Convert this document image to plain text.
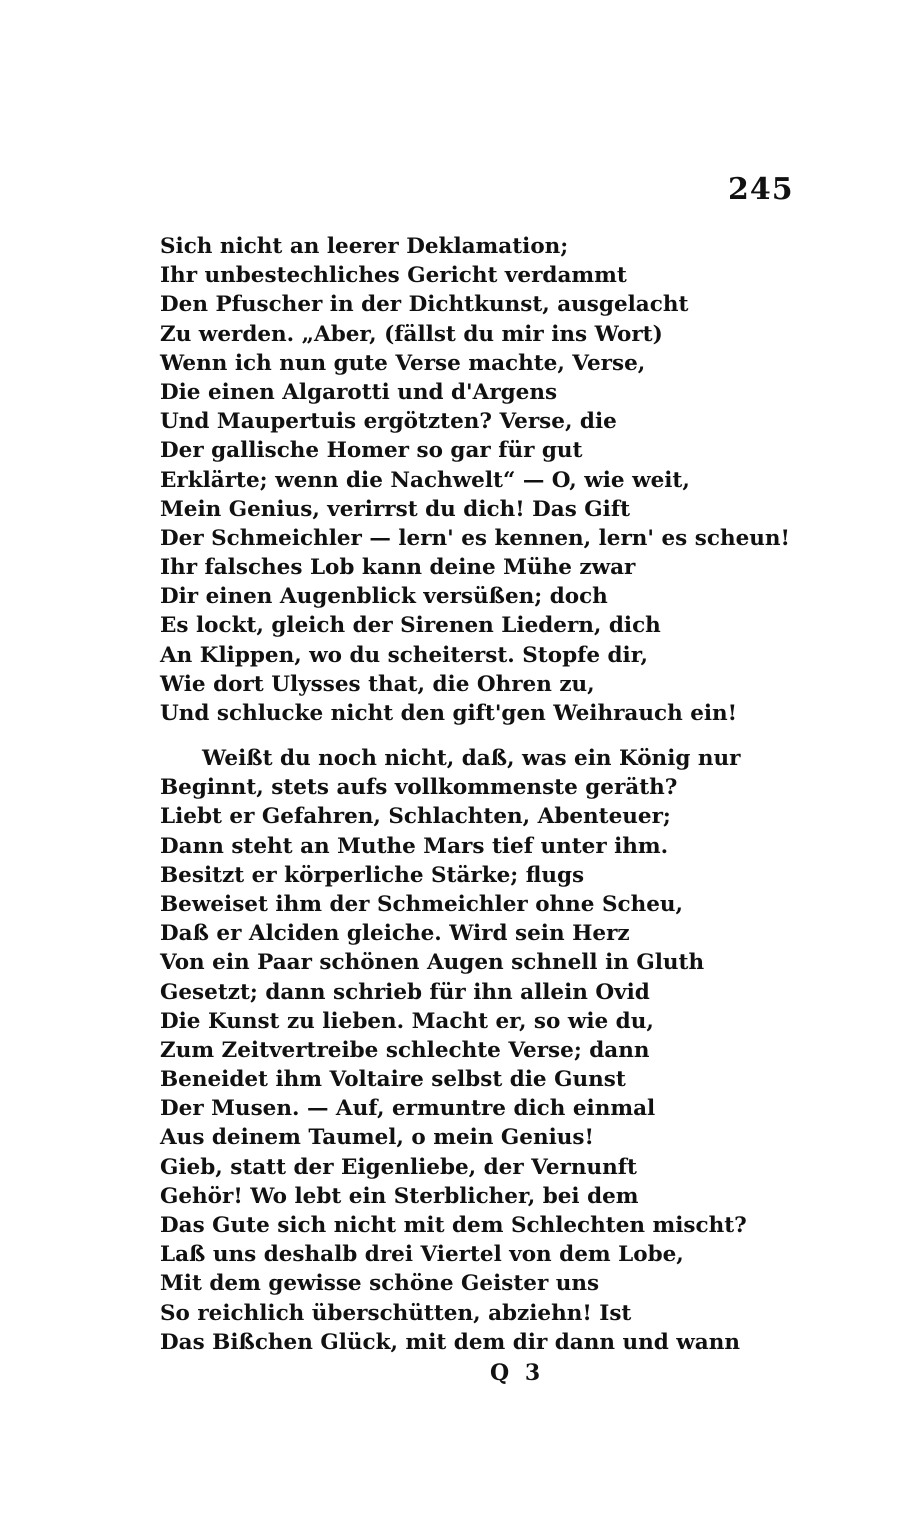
245
Sich nicht an leerer Deklamation;
Ihr unbestechliches Gericht verdammt
Den Pfuscher in der Dichtkunst, ausgelacht
Zu werden. „Aber, (fällst du mir ins Wort)
Wenn ich nun gute Verse machte, Verse,
Die einen Algarotti und d'Argens
Und Maupertuis ergötzten? Verse, die
Der gallische Homer so gar für gut
Erklärte; wenn die Nachwelt“ — O, wie weit,
Mein Genius, verirrst du dich! Das Gift
Der Schmeichler — lern' es kennen, lern' es scheun!
Ihr falsches Lob kann deine Mühe zwar
Dir einen Augenblick versüßen; doch
Es lockt, gleich der Sirenen Liedern, dich
An Klippen, wo du scheiterst. Stopfe dir,
Wie dort Ulysses that, die Ohren zu,
Und schlucke nicht den gift'gen Weihrauch ein!
Weißt du noch nicht, daß, was ein König nur
Beginnt, stets aufs vollkommenste geräth?
Liebt er Gefahren, Schlachten, Abenteuer;
Dann steht an Muthe Mars tief unter ihm.
Besitzt er körperliche Stärke; flugs
Beweiset ihm der Schmeichler ohne Scheu,
Daß er Alciden gleiche. Wird sein Herz
Von ein Paar schönen Augen schnell in Gluth
Gesetzt; dann schrieb für ihn allein Ovid
Die Kunst zu lieben. Macht er, so wie du,
Zum Zeitvertreibe schlechte Verse; dann
Beneidet ihm Voltaire selbst die Gunst
Der Musen. — Auf, ermuntre dich einmal
Aus deinem Taumel, o mein Genius!
Gieb, statt der Eigenliebe, der Vernunft
Gehör! Wo lebt ein Sterblicher, bei dem
Das Gute sich nicht mit dem Schlechten mischt?
Laß uns deshalb drei Viertel von dem Lobe,
Mit dem gewisse schöne Geister uns
So reichlich überschütten, abziehn! Ist
Das Bißchen Glück, mit dem dir dann und wann
Q 3
